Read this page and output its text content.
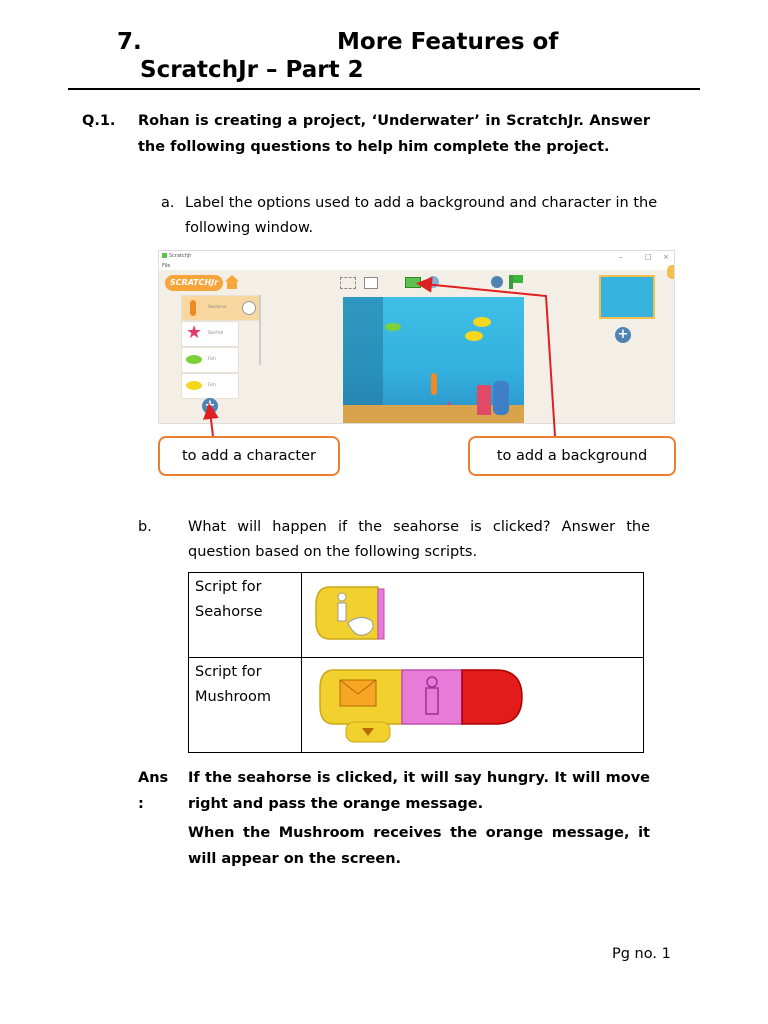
7.	More Features of
ScratchJr – Part 2
Q.1. Rohan is creating a project, ‘Underwater’ in ScratchJr. Answer the following questions to help him complete the project.
a. Label the options used to add a background and character in the following window.
ScratchJr	–	□ ×
File
SCRATCHJr
Seahorse
★ Starfish
Fish
Fish
+
+
to add a character	to add a background
b. What will happen if the seahorse is clicked? Answer the question based on the following scripts.
Script for
Seahorse

Script for
Mushroom

Ans
:
If the seahorse is clicked, it will say hungry. It will move right and pass the orange message.
When the Mushroom receives the orange message, it will appear on the screen.
Pg no. 1
